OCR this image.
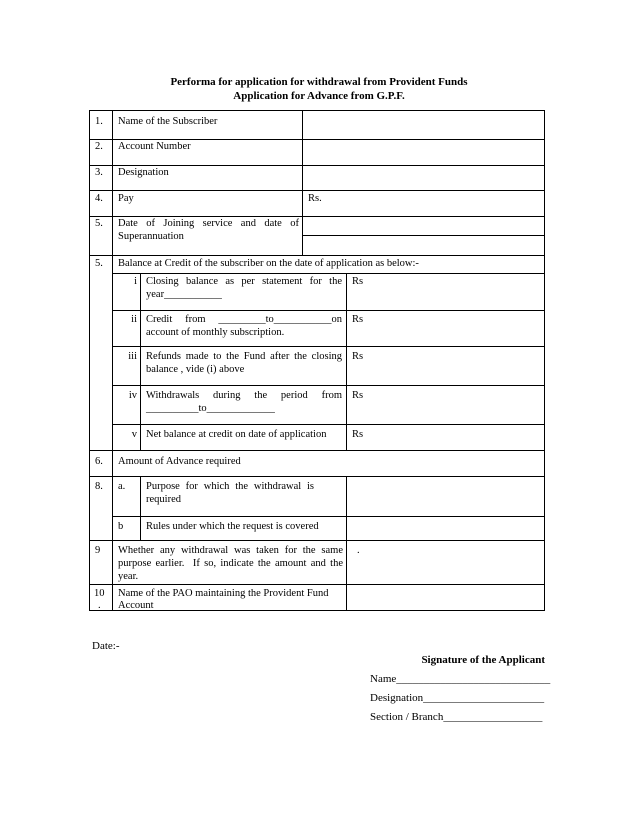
Performa for application for withdrawal from Provident Funds
Application for Advance from G.P.F.
1. Name of the Subscriber
2. Account Number
3. Designation
4. Pay	Rs.
5. Date of Joining service and date of
Superannuation
5. Balance at Credit of the subscriber on the date of application as below:-
i Closing balance as per statement for the
year___________
Rs
ii Credit from _________to___________on
account of monthly subscription.
Rs
iii Refunds made to the Fund after the closing
balance , vide (i) above
Rs
iv Withdrawals during the period from
__________to_____________
Rs
v Net balance at credit on date of application Rs
6. Amount of Advance required
8. a. Purpose for which the withdrawal is
required
b Rules under which the request is covered
9 Whether any withdrawal was taken for the same
purpose earlier.  If so, indicate the amount and the
year.
.
10
.
Name of the PAO maintaining the Provident Fund
Account
Date:-
Signature of the Applicant
Name____________________________
Designation______________________
Section / Branch__________________
